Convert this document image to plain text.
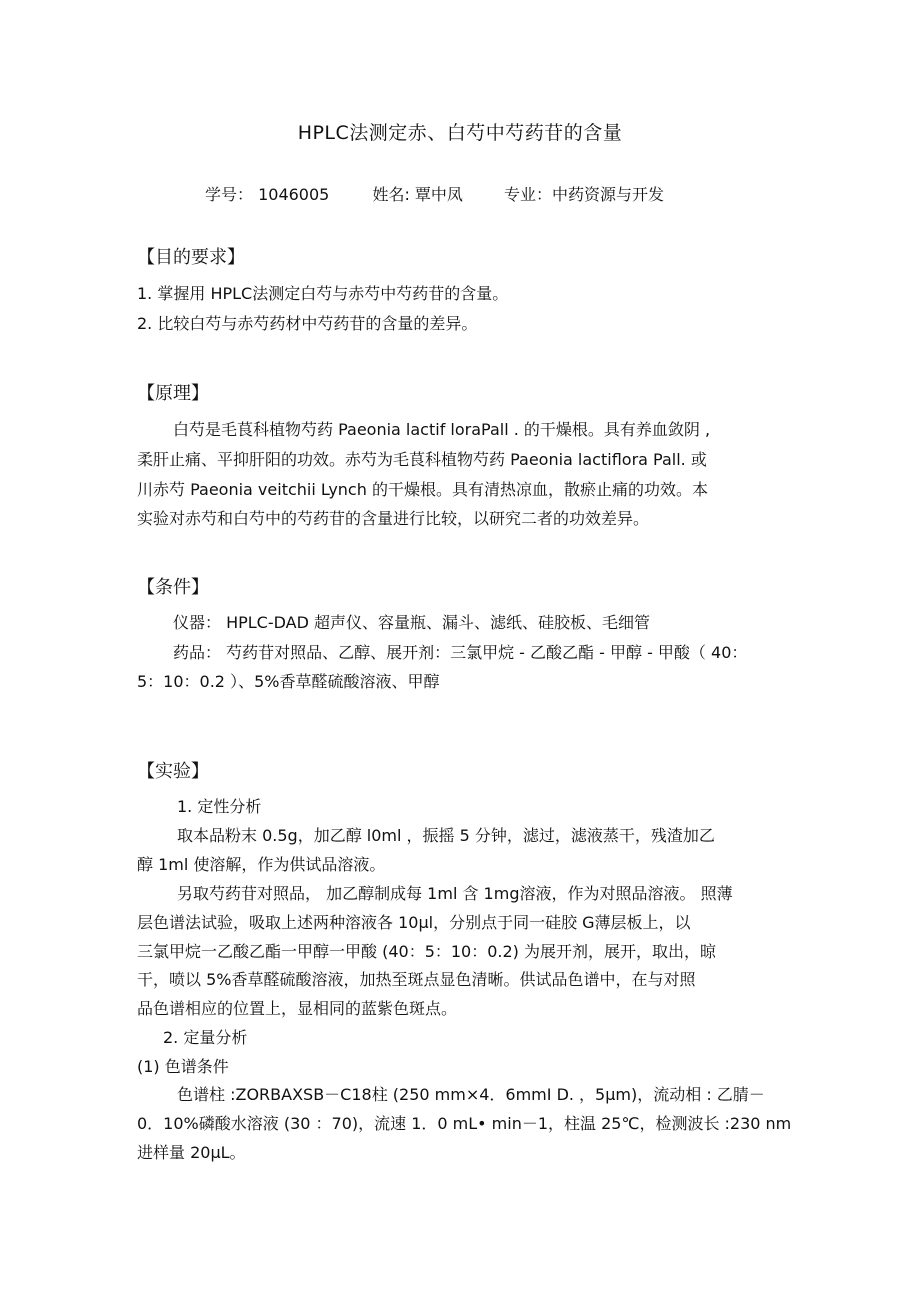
HPLC法测定赤、白芍中芍药苷的含量
学号： 1046005	姓名: 覃中凤	专业：中药资源与开发
【目的要求】
1. 掌握用 HPLC法测定白芍与赤芍中芍药苷的含量。
2. 比较白芍与赤芍药材中芍药苷的含量的差异。
【原理】
白芍是毛茛科植物芍药 Paeonia lactif loraPall . 的干燥根。具有养血敛阴 ,
柔肝止痛、平抑肝阳的功效。赤芍为毛茛科植物芍药 Paeonia lactiflora Pall. 或
川赤芍 Paeonia veitchii Lynch 的干燥根。具有清热凉血，散瘀止痛的功效。本
实验对赤芍和白芍中的芍药苷的含量进行比较，以研究二者的功效差异。
【条件】
仪器： HPLC-DAD 超声仪、容量瓶、漏斗、滤纸、硅胶板、毛细管
药品： 芍药苷对照品、乙醇、展开剂：三氯甲烷 - 乙酸乙酯 - 甲醇 - 甲酸（ 40：
5：10：0.2 ）、5%香草醛硫酸溶液、甲醇
【实验】
1. 定性分析
取本品粉末 0.5g，加乙醇 l0ml ，振摇 5 分钟，滤过，滤液蒸干，残渣加乙
醇 1ml 使溶解，作为供试品溶液。
另取芍药苷对照品， 加乙醇制成每 1ml 含 1mg溶液，作为对照品溶液。 照薄
层色谱法试验，吸取上述两种溶液各 10μl，分别点于同一硅胶 G薄层板上，以
三氯甲烷一乙酸乙酯一甲醇一甲酸 (40：5：10：0.2) 为展开剂，展开，取出，晾
干，喷以 5%香草醛硫酸溶液，加热至斑点显色清晰。供试品色谱中，在与对照
品色谱相应的位置上，显相同的蓝紫色斑点。
2. 定量分析
(1) 色谱条件
色谱柱 :ZORBAXSB－C18柱 (250 mm×4．6mmI D. ，5μm)，流动相 : 乙腈－
0．10%磷酸水溶液 (30 ：70)，流速 1．0 mL• min－1，柱温 25℃，检测波长 :230 nm
进样量 20μL。
